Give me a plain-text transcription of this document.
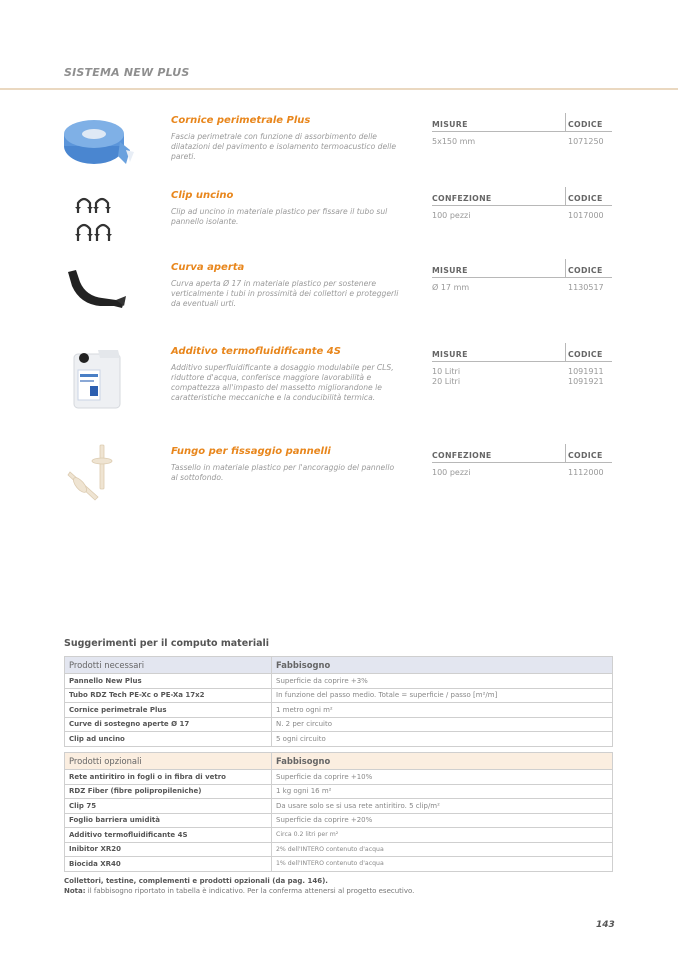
SISTEMA NEW PLUS
Cornice perimetrale Plus
Fascia perimetrale con funzione di assorbimento delle dilatazioni del pavimento e isolamento termoacustico delle pareti.
MISURE	CODICE
5x150 mm	1071250
Clip uncino
Clip ad uncino in materiale plastico per fissare il tubo sul pannello isolante.
CONFEZIONE	CODICE
100 pezzi	1017000
Curva aperta
Curva aperta Ø 17 in materiale plastico per sostenere verticalmente i tubi in prossimità dei collettori e proteggerli da eventuali urti.
MISURE	CODICE
Ø 17 mm	1130517
Additivo termofluidificante 4S
Additivo superfluidificante a dosaggio modulabile per CLS, riduttore d'acqua, conferisce maggiore lavorabilità e compattezza all'impasto del massetto migliorandone le caratteristiche meccaniche e la conducibilità termica.
MISURE	CODICE
10 Litri	1091911
20 Litri	1091921
Fungo per fissaggio pannelli
Tassello in materiale plastico per l'ancoraggio del pannello al sottofondo.
CONFEZIONE	CODICE
100 pezzi	1112000
Suggerimenti per il computo materiali
Prodotti necessari	Fabbisogno
Pannello New Plus	Superficie da coprire +3%
Tubo RDZ Tech PE-Xc o PE-Xa 17x2	In funzione del passo medio. Totale = superficie / passo [m²/m]
Cornice perimetrale Plus	1 metro ogni m²
Curve di sostegno aperte Ø 17	N. 2 per circuito
Clip ad uncino	5 ogni circuito
Prodotti opzionali	Fabbisogno
Rete antiritiro in fogli o in fibra di vetro	Superficie da coprire +10%
RDZ Fiber (fibre polipropileniche)	1 kg ogni 16 m²
Clip 75	Da usare solo se si usa rete antiritiro. 5 clip/m²
Foglio barriera umidità	Superficie da coprire +20%
Additivo termofluidificante 4S	Circa 0.2 litri per m²
Inibitor XR20	2% dell'INTERO contenuto d'acqua
Biocida XR40	1% dell'INTERO contenuto d'acqua
Collettori, testine, complementi e prodotti opzionali (da pag. 146).
Nota: il fabbisogno riportato in tabella è indicativo. Per la conferma attenersi al progetto esecutivo.
143
